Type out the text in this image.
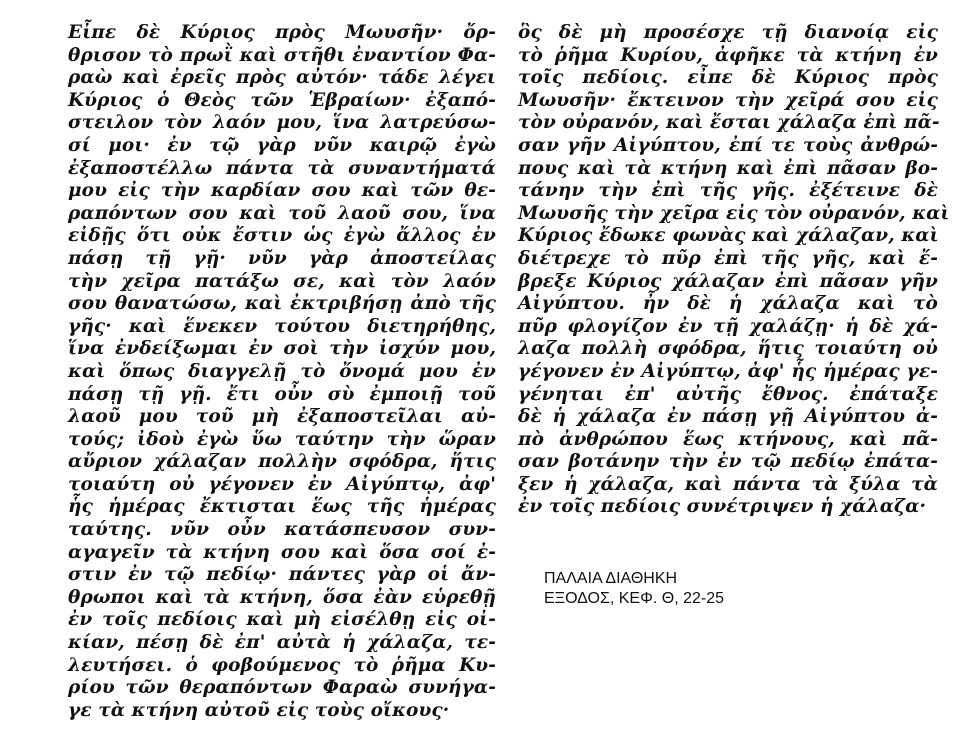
Εἶπε δὲ Κύριος πρὸς Μωυσῆν· ὄρ-
θρισον τὸ πρωῒ καὶ στῆθι ἐναντίον Φα-
ραὼ καὶ ἐρεῖς πρὸς αὐτόν· τάδε λέγει
Κύριος ὁ Θεὸς τῶν Ἑβραίων· ἐξαπό-
στειλον τὸν λαόν μου, ἵνα λατρεύσω-
σί μοι· ἐν τῷ γὰρ νῦν καιρῷ ἐγὼ
ἐξαποστέλλω πάντα τὰ συναντήματά
μου εἰς τὴν καρδίαν σου καὶ τῶν θε-
ραπόντων σου καὶ τοῦ λαοῦ σου, ἵνα
εἰδῇς ὅτι οὐκ ἔστιν ὡς ἐγὼ ἄλλος ἐν
πάσῃ τῇ γῇ· νῦν γὰρ ἀποστείλας
τὴν χεῖρα πατάξω σε, καὶ τὸν λαόν
σου θανατώσω, καὶ ἐκτριβήσῃ ἀπὸ τῆς
γῆς· καὶ ἕνεκεν τούτου διετηρήθης,
ἵνα ἐνδείξωμαι ἐν σοὶ τὴν ἰσχύν μου,
καὶ ὅπως διαγγελῇ τὸ ὄνομά μου ἐν
πάσῃ τῇ γῇ. ἔτι οὖν σὺ ἐμποιῇ τοῦ
λαοῦ μου τοῦ μὴ ἐξαποστεῖλαι αὐ-
τούς; ἰδοὺ ἐγὼ ὕω ταύτην τὴν ὥραν
αὔριον χάλαζαν πολλὴν σφόδρα, ἥτις
τοιαύτη οὐ γέγονεν ἐν Αἰγύπτῳ, ἀφ'
ἧς ἡμέρας ἔκτισται ἕως τῆς ἡμέρας
ταύτης. νῦν οὖν κατάσπευσον συν-
αγαγεῖν τὰ κτήνη σου καὶ ὅσα σοί ἐ-
στιν ἐν τῷ πεδίῳ· πάντες γὰρ οἱ ἄν-
θρωποι καὶ τὰ κτήνη, ὅσα ἐὰν εὑρεθῇ
ἐν τοῖς πεδίοις καὶ μὴ εἰσέλθῃ εἰς οἰ-
κίαν, πέσῃ δὲ ἐπ' αὐτὰ ἡ χάλαζα, τε-
λευτήσει. ὁ φοβούμενος τὸ ῥῆμα Κυ-
ρίου τῶν θεραπόντων Φαραὼ συνήγα-
γε τὰ κτήνη αὐτοῦ εἰς τοὺς οἴκους·
ὃς δὲ μὴ προσέσχε τῇ διανοίᾳ εἰς
τὸ ῥῆμα Κυρίου, ἀφῆκε τὰ κτήνη ἐν
τοῖς πεδίοις. εἶπε δὲ Κύριος πρὸς
Μωυσῆν· ἔκτεινον τὴν χεῖρά σου εἰς
τὸν οὐρανόν, καὶ ἔσται χάλαζα ἐπὶ πᾶ-
σαν γῆν Αἰγύπτου, ἐπί τε τοὺς ἀνθρώ-
πους καὶ τὰ κτήνη καὶ ἐπὶ πᾶσαν βο-
τάνην τὴν ἐπὶ τῆς γῆς. ἐξέτεινε δὲ
Μωυσῆς τὴν χεῖρα εἰς τὸν οὐρανόν, καὶ
Κύριος ἔδωκε φωνὰς καὶ χάλαζαν, καὶ
διέτρεχε τὸ πῦρ ἐπὶ τῆς γῆς, καὶ ἔ-
βρεξε Κύριος χάλαζαν ἐπὶ πᾶσαν γῆν
Αἰγύπτου. ἦν δὲ ἡ χάλαζα καὶ τὸ
πῦρ φλογίζον ἐν τῇ χαλάζῃ· ἡ δὲ χά-
λαζα πολλὴ σφόδρα, ἥτις τοιαύτη οὐ
γέγονεν ἐν Αἰγύπτῳ, ἀφ' ἧς ἡμέρας γε-
γένηται ἐπ' αὐτῆς ἔθνος. ἐπάταξε
δὲ ἡ χάλαζα ἐν πάσῃ γῇ Αἰγύπτου ἀ-
πὸ ἀνθρώπου ἕως κτήνους, καὶ πᾶ-
σαν βοτάνην τὴν ἐν τῷ πεδίῳ ἐπάτα-
ξεν ἡ χάλαζα, καὶ πάντα τὰ ξύλα τὰ
ἐν τοῖς πεδίοις συνέτριψεν ἡ χάλαζα·
ΠΑΛΑΙΑ ΔΙΑΘΗΚΗ
ΕΞΟΔΟΣ, ΚΕΦ. Θ, 22-25
